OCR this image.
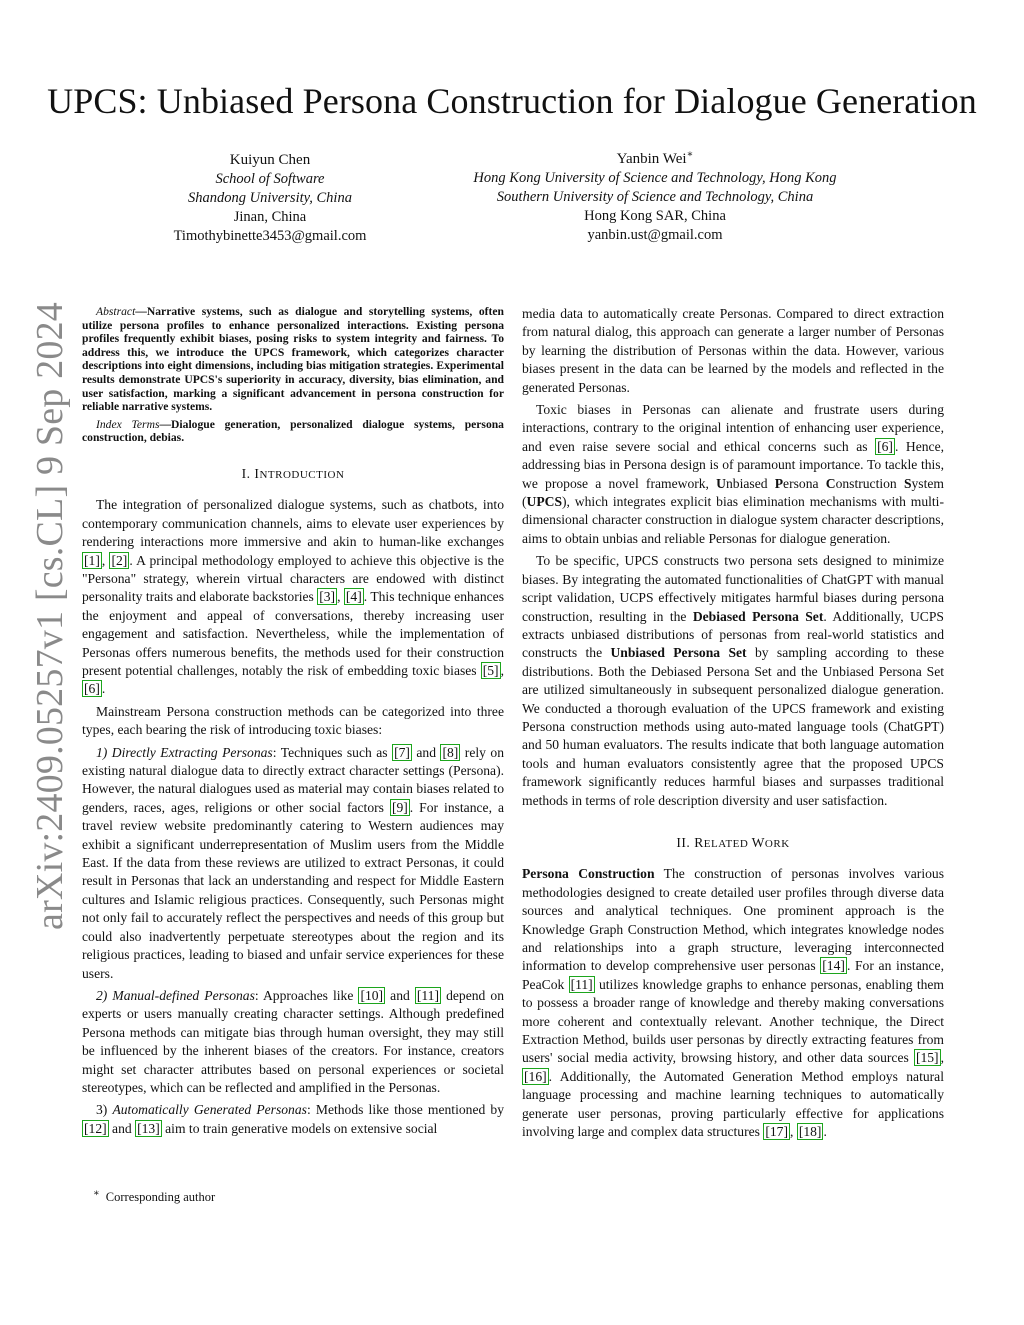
arXiv:2409.05257v1 [cs.CL] 9 Sep 2024
UPCS: Unbiased Persona Construction for Dialogue Generation
Kuiyun Chen
School of Software
Shandong University, China
Jinan, China
Timothybinette3453@gmail.com
Yanbin Wei∗
Hong Kong University of Science and Technology, Hong Kong
Southern University of Science and Technology, China
Hong Kong SAR, China
yanbin.ust@gmail.com

Abstract—Narrative systems, such as dialogue and storytelling systems, often utilize persona profiles to enhance personalized interactions. Existing persona profiles frequently exhibit biases, posing risks to system integrity and fairness. To address this, we introduce the UPCS framework, which categorizes character descriptions into eight dimensions, including bias mitigation strategies. Experimental results demonstrate UPCS's superiority in accuracy, diversity, bias elimination, and user satisfaction, marking a significant advancement in persona construction for reliable narrative systems.

Index Terms—Dialogue generation, personalized dialogue systems, persona construction, debias.

I. INTRODUCTION

The integration of personalized dialogue systems, such as chatbots, into contemporary communication channels, aims to elevate user experiences by rendering interactions more immersive and akin to human-like exchanges [1] , [2] . A principal methodology employed to achieve this objective is the "Persona" strategy, wherein virtual characters are endowed with distinct personality traits and elaborate backstories [3] , [4] . This technique enhances the enjoyment and appeal of conversations, thereby increasing user engagement and satisfaction. Nevertheless, while the implementation of Personas offers numerous benefits, the methods used for their construction present potential challenges, notably the risk of embedding toxic biases [5] , [6] .

Mainstream Persona construction methods can be categorized into three types, each bearing the risk of introducing toxic biases:

1) Directly Extracting Personas: Techniques such as [7] and [8] rely on existing natural dialogue data to directly extract character settings (Persona). However, the natural dialogues used as material may contain biases related to genders, races, ages, religions or other social factors [9] . For instance, a travel review website predominantly catering to Western audiences may exhibit a significant underrepresentation of Muslim users from the Middle East. If the data from these reviews are utilized to extract Personas, it could result in Personas that lack an understanding and respect for Middle Eastern cultures and Islamic religious practices. Consequently, such Personas might not only fail to accurately reflect the perspectives and needs of this group but could also inadvertently perpetuate stereotypes about the region and its religious practices, leading to biased and unfair service experiences for these users.

2) Manual-defined Personas: Approaches like [10] and [11] depend on experts or users manually creating character settings. Although predefined Persona methods can mitigate bias through human oversight, they may still be influenced by the inherent biases of the creators. For instance, creators might set character attributes based on personal experiences or societal stereotypes, which can be reflected and amplified in the Personas.

3) Automatically Generated Personas: Methods like those mentioned by [12] and [13] aim to train generative models on extensive social

∗ Corresponding author

media data to automatically create Personas. Compared to direct extraction from natural dialog, this approach can generate a larger number of Personas by learning the distribution of Personas within the data. However, various biases present in the data can be learned by the models and reflected in the generated Personas.

Toxic biases in Personas can alienate and frustrate users during interactions, contrary to the original intention of enhancing user experience, and even raise severe social and ethical concerns such as [6] . Hence, addressing bias in Persona design is of paramount importance. To tackle this, we propose a novel framework, Unbiased Persona Construction System (UPCS), which integrates explicit bias elimination mechanisms with multi-dimensional character construction in dialogue system character descriptions, aims to obtain unbias and reliable Personas for dialogue generation.

To be specific, UPCS constructs two persona sets designed to minimize biases. By integrating the automated functionalities of ChatGPT with manual script validation, UCPS effectively mitigates harmful biases during persona construction, resulting in the Debiased Persona Set. Additionally, UCPS extracts unbiased distributions of personas from real-world statistics and constructs the Unbiased Persona Set by sampling according to these distributions. Both the Debiased Persona Set and the Unbiased Persona Set are utilized simultaneously in subsequent personalized dialogue generation. We conducted a thorough evaluation of the UPCS framework and existing Persona construction methods using auto-mated language tools (ChatGPT) and 50 human evaluators. The results indicate that both language automation tools and human evaluators consistently agree that the proposed UPCS framework significantly reduces harmful biases and surpasses traditional methods in terms of role description diversity and user satisfaction.

II. RELATED WORK

Persona Construction The construction of personas involves various methodologies designed to create detailed user profiles through diverse data sources and analytical techniques. One prominent approach is the Knowledge Graph Construction Method, which integrates knowledge nodes and relationships into a graph structure, leveraging interconnected information to develop comprehensive user personas [14] . For an instance, PeaCok [11] utilizes knowledge graphs to enhance personas, enabling them to possess a broader range of knowledge and thereby making conversations more coherent and contextually relevant. Another technique, the Direct Extraction Method, builds user personas by directly extracting features from users' social media activity, browsing history, and other data sources [15] , [16] . Additionally, the Automated Generation Method employs natural language processing and machine learning techniques to automatically generate user personas, proving particularly effective for applications involving large and complex data structures [17] , [18] .
